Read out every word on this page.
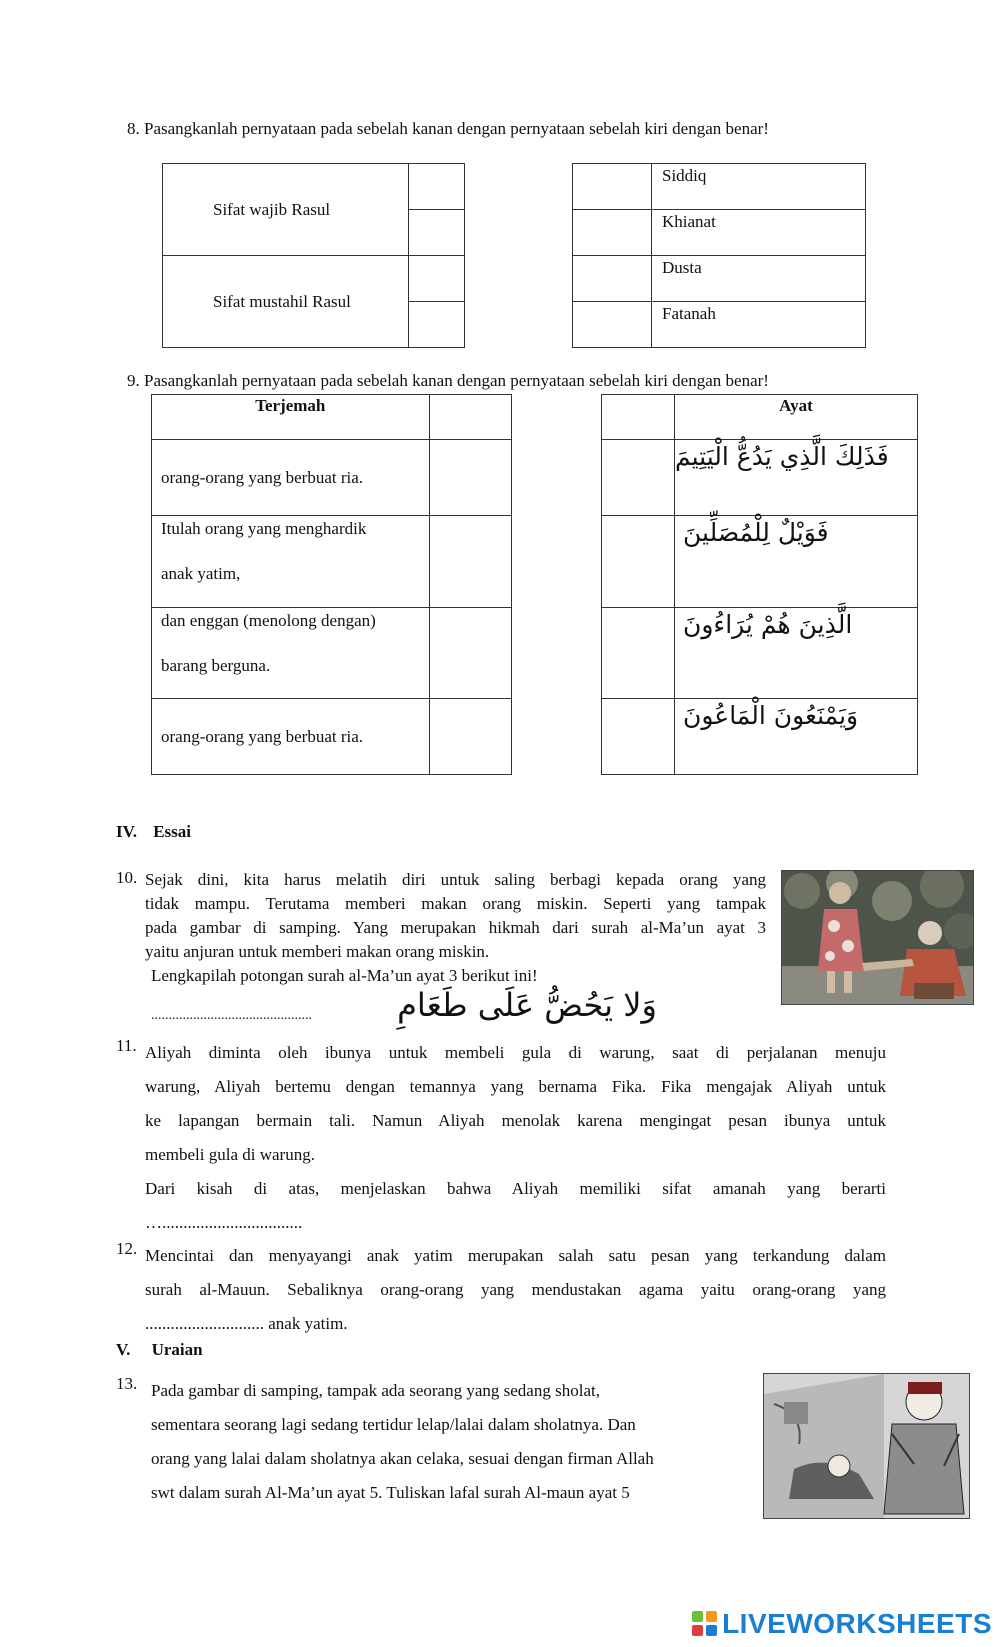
8. Pasangkanlah pernyataan pada sebelah kanan dengan pernyataan sebelah kiri dengan benar!
Sifat wajib Rasul	

Sifat mustahil Rasul	

	Siddiq
	Khianat
	Dusta
	Fatanah
9. Pasangkanlah pernyataan pada sebelah kanan dengan pernyataan sebelah kiri dengan benar!
Terjemah	

orang-orang yang berbuat ria.	

Itulah orang yang menghardik
anak yatim,	

dan enggan (menolong dengan)
barang berguna.	

orang-orang yang berbuat ria.	

	Ayat

	فَذَلِكَ الَّذِي يَدُعُّ الْيَتِيمَ

	فَوَيْلٌ لِلْمُصَلِّينَ
	الَّذِينَ هُمْ يُرَاءُونَ
	وَيَمْنَعُونَ الْمَاعُونَ
IV. Essai
10. Sejak dini, kita harus melatih diri untuk saling berbagi kepada orang yang
tidak mampu. Terutama memberi makan orang miskin. Seperti yang tampak
pada gambar di samping. Yang merupakan hikmah dari surah al-Ma’un ayat 3
yaitu anjuran untuk memberi makan orang miskin.
Lengkapilah potongan surah al-Ma’un ayat 3 berikut ini!
..............................................	وَلا يَحُضُّ عَلَى طَعَامِ
11. Aliyah diminta oleh ibunya untuk membeli gula di warung, saat di perjalanan menuju
warung, Aliyah bertemu dengan temannya yang bernama Fika. Fika mengajak Aliyah untuk
ke lapangan bermain tali. Namun Aliyah menolak karena mengingat pesan ibunya untuk
membeli gula di warung.
Dari kisah di atas, menjelaskan bahwa Aliyah memiliki sifat amanah yang berarti
….................................
12. Mencintai dan menyayangi anak yatim merupakan salah satu pesan yang terkandung dalam
surah al-Mauun. Sebaliknya orang-orang yang mendustakan agama yaitu orang-orang yang
............................ anak yatim.
V. Uraian
13. Pada gambar di samping, tampak ada seorang yang sedang sholat,
sementara seorang lagi sedang tertidur lelap/lalai dalam sholatnya. Dan
orang yang lalai dalam sholatnya akan celaka, sesuai dengan firman Allah
swt dalam surah Al-Ma’un ayat 5. Tuliskan lafal surah Al-maun ayat 5
LIVEWORKSHEETS
